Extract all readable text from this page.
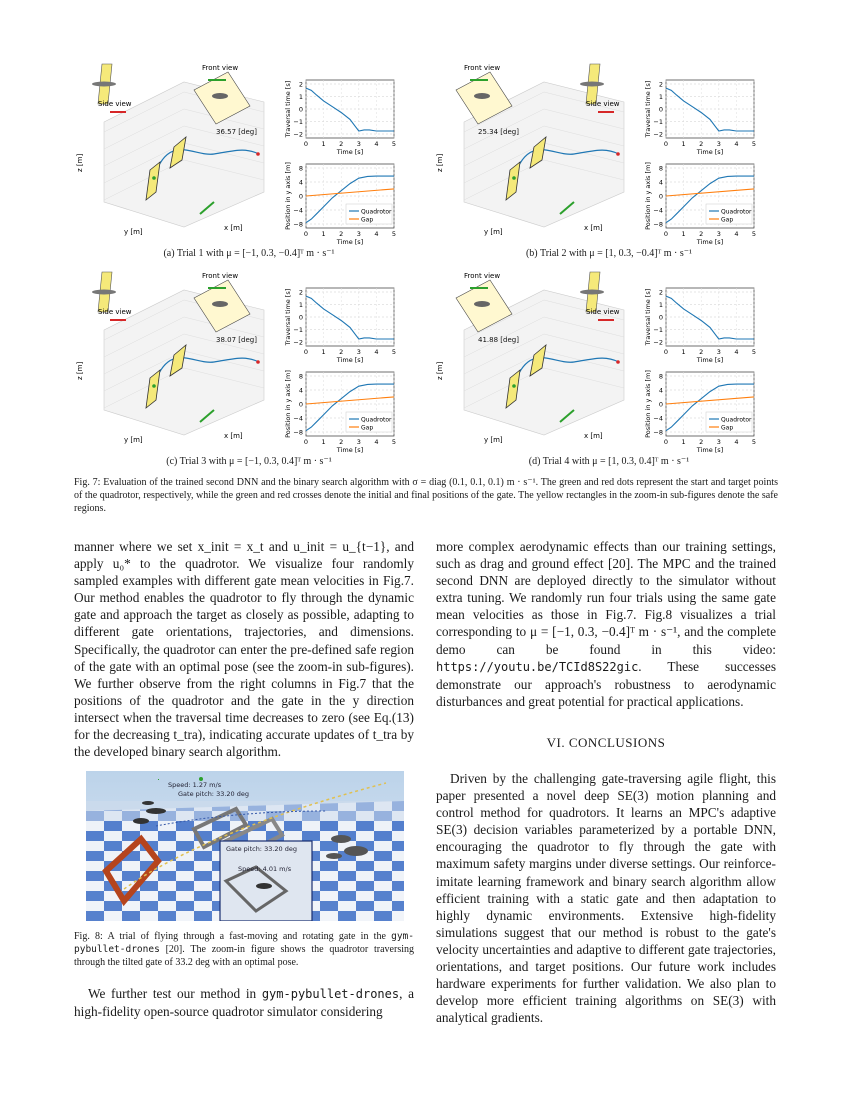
Side view
Front view
36.57 [deg]
z [m]
y [m]	x [m]
2
1
0
−1
−2
0 1 2 3 4 5
Time [s]
Traversal time [s]
8
4
0
−4
−8
0 1 2 3 4 5
Time [s]
Position in y axis [m]	Quadrotor
Gap
(a) Trial 1 with μ = [−1, 0.3, −0.4]ᵀ m · s⁻¹
Side view
Front view
25.34 [deg]
z [m]
y [m]	x [m]
2
1
0
−1
−2
0 1 2 3 4 5
Time [s]
Traversal time [s]
8
4
0
−4
−8
0 1 2 3 4 5
Time [s]
Position in y axis [m]	Quadrotor
Gap
(b) Trial 2 with μ = [1, 0.3, −0.4]ᵀ m · s⁻¹
Side view
Front view
38.07 [deg]
z [m]
y [m]	x [m]
2
1
0
−1
−2
0 1 2 3 4 5
Time [s]
Traversal time [s]
8
4
0
−4
−8
0 1 2 3 4 5
Time [s]
Position in y axis [m]	Quadrotor
Gap
(c) Trial 3 with μ = [−1, 0.3, 0.4]ᵀ m · s⁻¹
Side view
Front view
41.88 [deg]
z [m]
y [m]	x [m]
2
1
0
−1
−2
0 1 2 3 4 5
Time [s]
Traversal time [s]
8
4
0
−4
−8
0 1 2 3 4 5
Time [s]
Position in y axis [m]	Quadrotor
Gap
(d) Trial 4 with μ = [1, 0.3, 0.4]ᵀ m · s⁻¹
Fig. 7: Evaluation of the trained second DNN and the binary search algorithm with σ = diag (0.1, 0.1, 0.1) m · s⁻¹. The green and red dots represent the start and target points of the quadrotor, respectively, while the green and red crosses denote the initial and final positions of the gate. The yellow rectangles in the zoom-in sub-figures denote the safe regions.
manner where we set x_init = x_t and u_init = u_{t−1}, and apply u₀* to the quadrotor. We visualize four randomly sampled examples with different gate mean velocities in Fig.7. Our method enables the quadrotor to fly through the dynamic gate and approach the target as closely as possible, adapting to different gate orientations, trajectories, and dimensions. Specifically, the quadrotor can enter the pre-defined safe region of the gate with an optimal pose (see the zoom-in sub-figures). We further observe from the right columns in Fig.7 that the positions of the quadrotor and the gate in the y direction intersect when the traversal time decreases to zero (see Eq.(13) for the decreasing t_tra), indicating accurate updates of t_tra by the developed binary search algorithm.
more complex aerodynamic effects than our training settings, such as drag and ground effect [20]. The MPC and the trained second DNN are deployed directly to the simulator without extra tuning. We randomly run four trials using the same gate mean velocities as those in Fig.7. Fig.8 visualizes a trial corresponding to μ = [−1, 0.3, −0.4]ᵀ m · s⁻¹, and the complete demo can be found in this video: https://youtu.be/TCId8S22gic. These successes demonstrate our approach's robustness to aerodynamic disturbances and great potential for practical applications.
VI. CONCLUSIONS
Driven by the challenging gate-traversing agile flight, this paper presented a novel deep SE(3) motion planning and control method for quadrotors. It learns an MPC's adaptive SE(3) decision variables parameterized by a portable DNN, encouraging the quadrotor to fly through the gate with maximum safety margins under diverse settings. Our reinforce-imitate learning framework and binary search algorithm allow efficient training with a static gate and then adaptation to highly dynamic environments. Extensive high-fidelity simulations suggest that our method is robust to the gate's velocity uncertainties and adaptive to different gate trajectories, orientations, and target positions. Our future work includes hardware experiments for further validation. We also plan to develop more efficient training algorithms on SE(3) with analytical gradients.
Speed: 1.27 m/s
Gate pitch: 33.20 deg
Gate pitch: 33.20 deg
Speed: 4.01 m/s
Fig. 8: A trial of flying through a fast-moving and rotating gate in the gym-pybullet-drones [20]. The zoom-in figure shows the quadrotor traversing through the tilted gate of 33.2 deg with an optimal pose.
We further test our method in gym-pybullet-drones, a high-fidelity open-source quadrotor simulator considering
